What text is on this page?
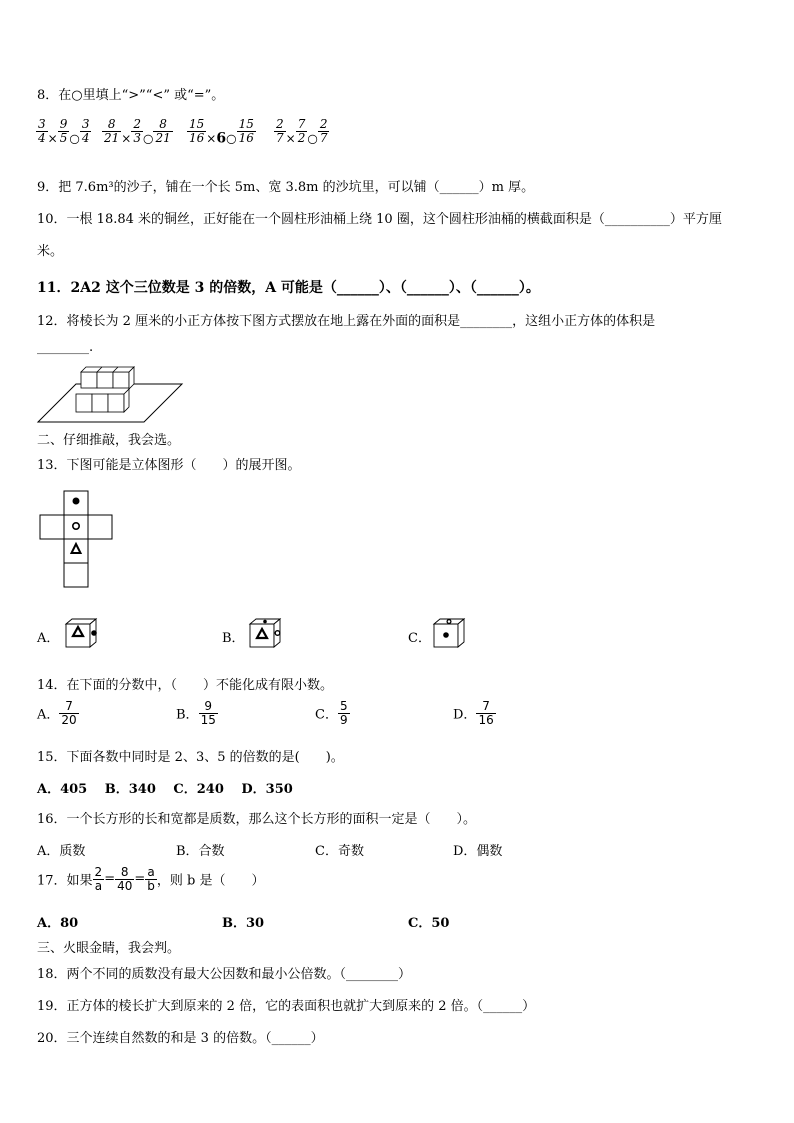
8．在○里填上“>”“<” 或“=”。
$\frac{3}{4} \times \frac{9}{5}$ ○ $\frac{3}{4} \frac{8}{21} \times \frac{2}{3}$ ○ $\frac{8}{21} \frac{15}{16}$ ×6○ $\frac{15}{16} \frac{2}{7} \times \frac{7}{2}$ ○ $\frac{2}{7}$
9．把 7.6m³的沙子，铺在一个长 5m、宽 3.8m 的沙坑里，可以铺（______）m 厚。
10．一根 18.84 米的铜丝，正好能在一个圆柱形油桶上绕 10 圈，这个圆柱形油桶的横截面积是（__________）平方厘
米。
11．2A2 这个三位数是 3 的倍数，A 可能是（______）、（______）、（______）。
12．将棱长为 2 厘米的小正方体按下图方式摆放在地上露在外面的面积是________，这组小正方体的体积是
________.
二、仔细推敲，我会选。
13．下图可能是立体图形（　　）的展开图。
A．	B．	C．
14．在下面的分数中，（　　）不能化成有限小数。
A． $\frac{7}{20}$	B． $\frac{9}{15}$	C． $\frac{5}{9}$	D． $\frac{7}{16}$
15．下面各数中同时是 2、3、5 的倍数的是(　　)。
A．405　 B．340　 C．240　 D．350
16．一个长方形的长和宽都是质数，那么这个长方形的面积一定是（　　）。
A．质数	B．合数	C．奇数	D．偶数
17．如果 $\frac{2}{a} = \frac{8}{40} = \frac{a}{b}$ ，则 b 是（　　）
A．80	B．30	C．50
三、火眼金睛，我会判。
18．两个不同的质数没有最大公因数和最小公倍数。（________）
19．正方体的棱长扩大到原来的 2 倍，它的表面积也就扩大到原来的 2 倍。（______）
20．三个连续自然数的和是 3 的倍数。（______）
